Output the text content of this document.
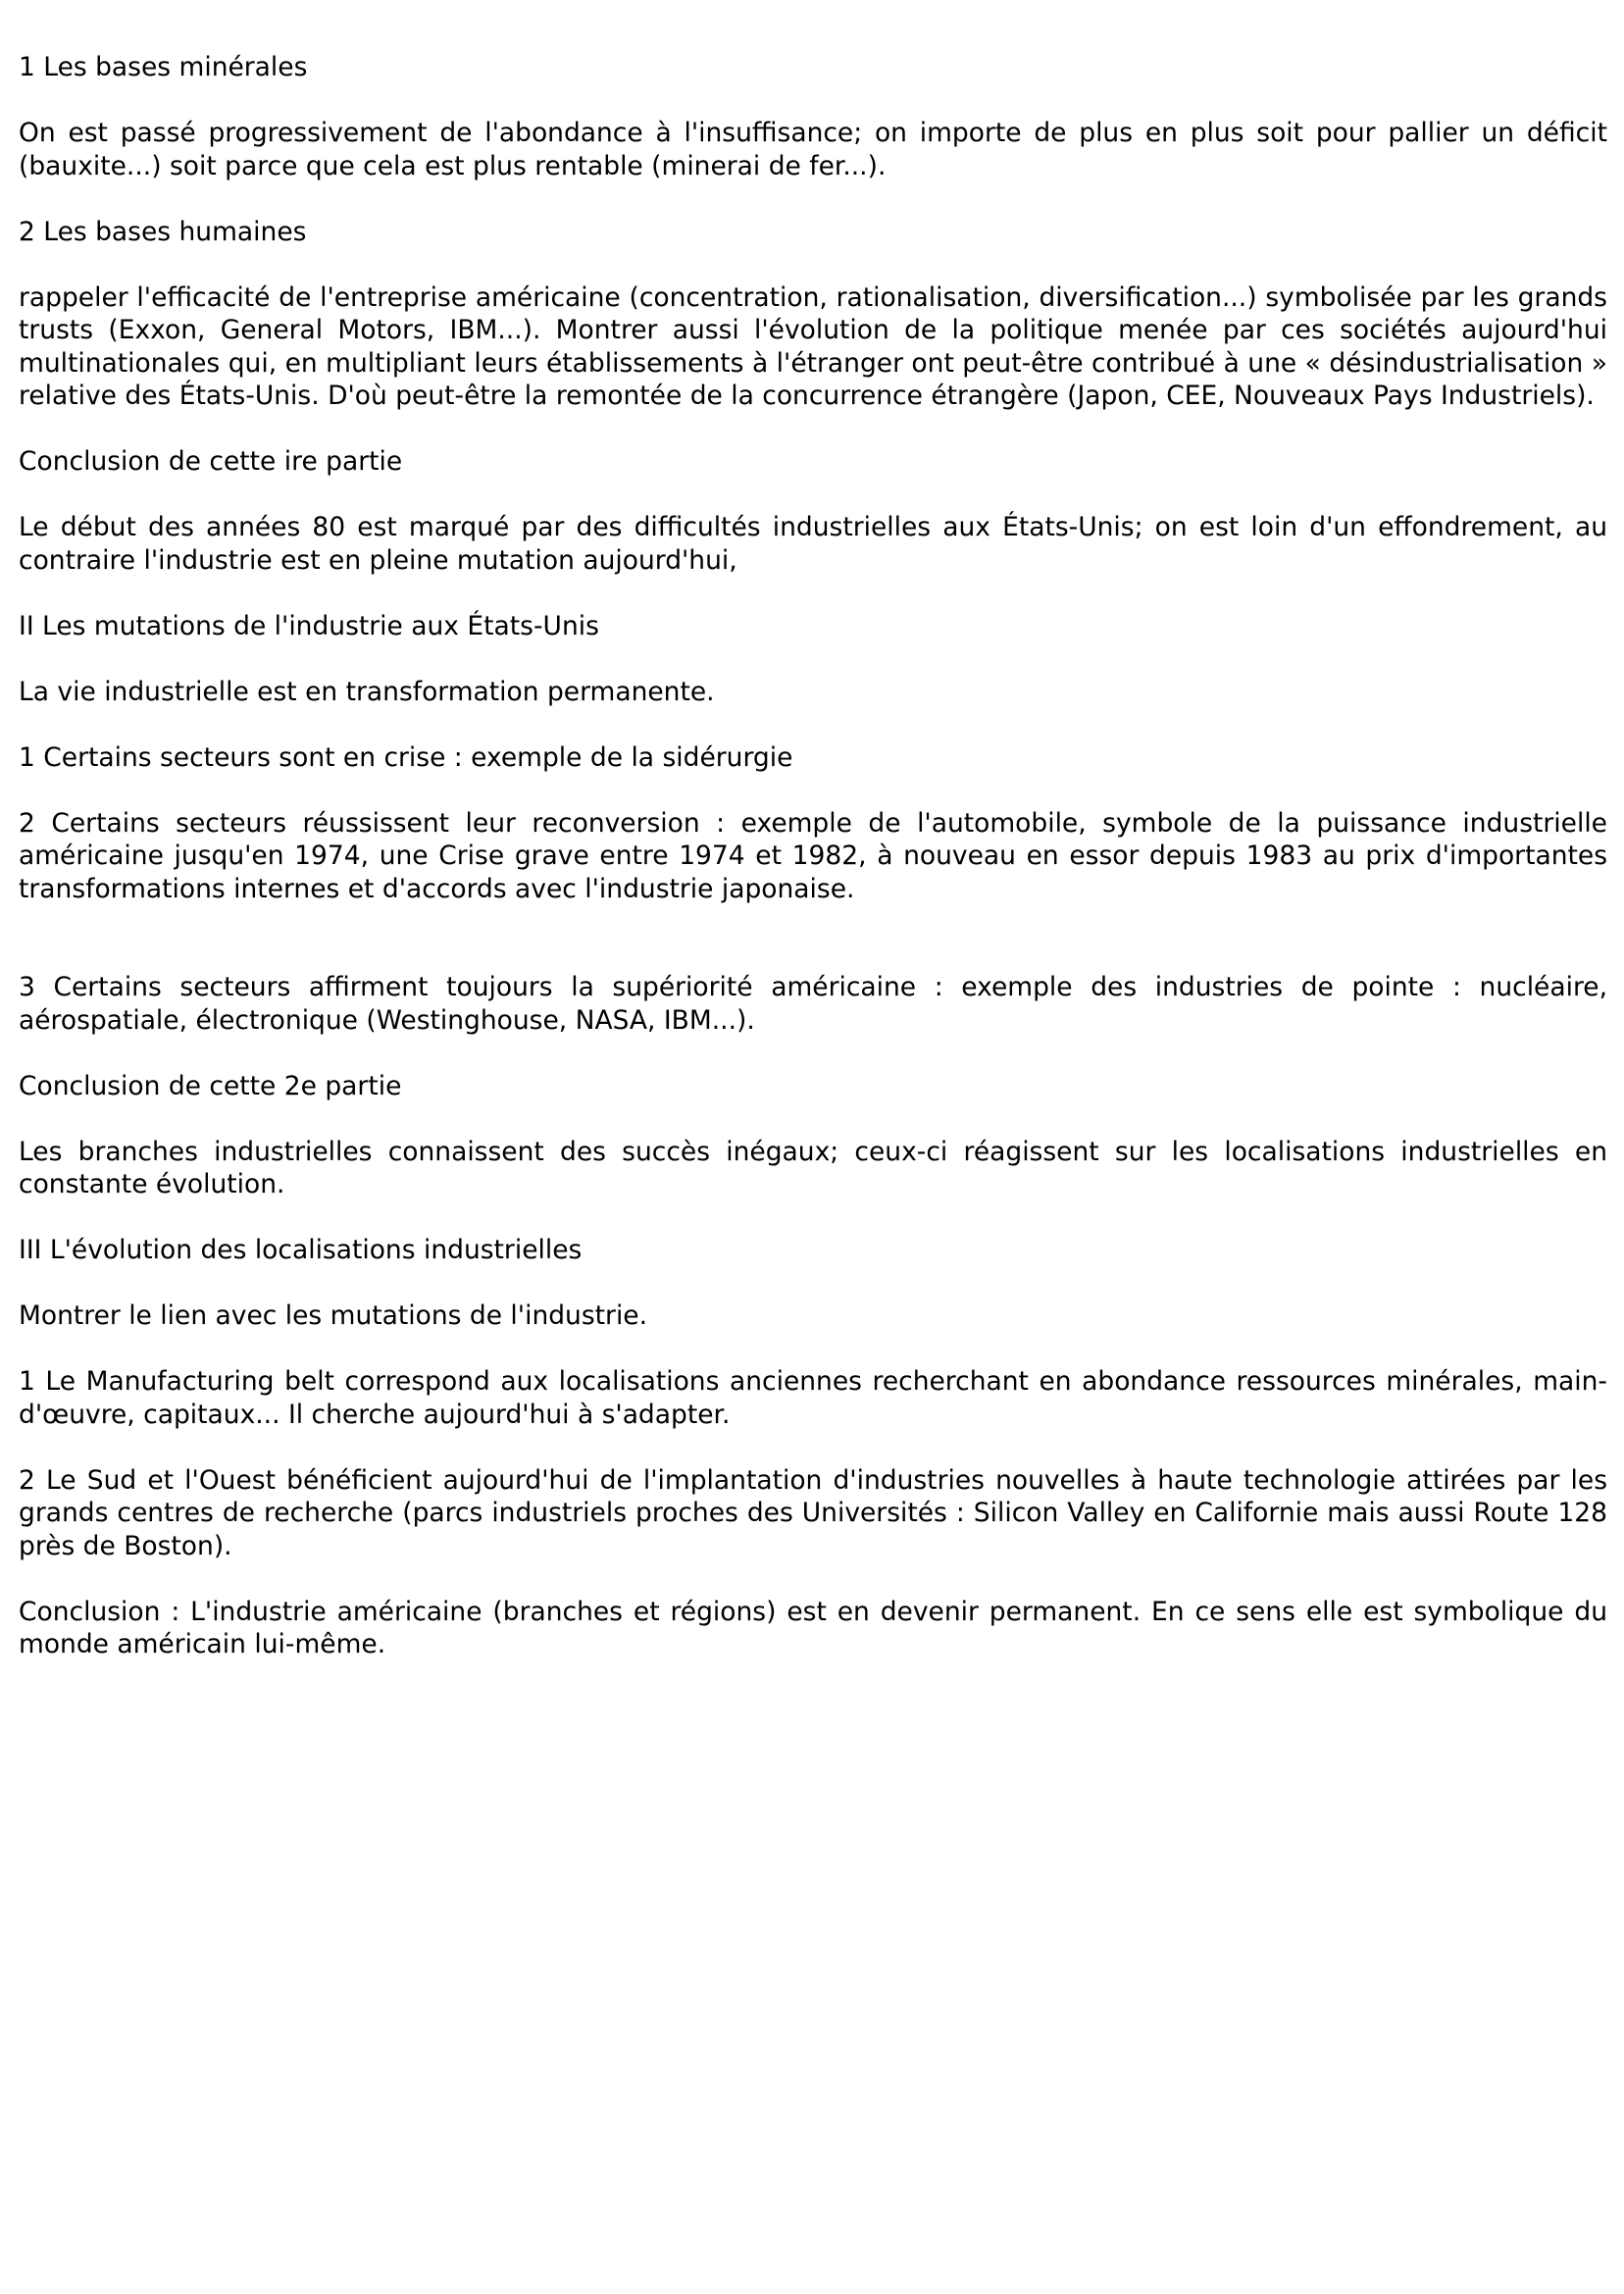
1 Les bases minérales

On est passé progressivement de l'abondance à l'insuffisance; on importe de plus en plus soit pour pallier un déficit (bauxite...) soit parce que cela est plus rentable (minerai de fer...).

2 Les bases humaines

rappeler l'efficacité de l'entreprise américaine (concentration, rationalisation, diversification...) symbolisée par les grands trusts (Exxon, General Motors, IBM...). Montrer aussi l'évolution de la politique menée par ces sociétés aujourd'hui multinationales qui, en multipliant leurs établissements à l'étranger ont peut-être contribué à une « désindustrialisation » relative des États-Unis. D'où peut-être la remontée de la concurrence étrangère (Japon, CEE, Nouveaux Pays Industriels).

Conclusion de cette ire partie

Le début des années 80 est marqué par des difficultés industrielles aux États-Unis; on est loin d'un effondrement, au contraire l'industrie est en pleine mutation aujourd'hui,

II Les mutations de l'industrie aux États-Unis

La vie industrielle est en transformation permanente.

1 Certains secteurs sont en crise : exemple de la sidérurgie

2 Certains secteurs réussissent leur reconversion : exemple de l'automobile, symbole de la puissance industrielle américaine jusqu'en 1974, une Crise grave entre 1974 et 1982, à nouveau en essor depuis 1983 au prix d'importantes transformations internes et d'accords avec l'industrie japonaise.

3 Certains secteurs affirment toujours la supériorité américaine : exemple des industries de pointe : nucléaire, aérospatiale, électronique (Westinghouse, NASA, IBM...).

Conclusion de cette 2e partie

Les branches industrielles connaissent des succès inégaux; ceux-ci réagissent sur les localisations industrielles en constante évolution.

III L'évolution des localisations industrielles

Montrer le lien avec les mutations de l'industrie.

1 Le Manufacturing belt correspond aux localisations anciennes recherchant en abondance ressources minérales, main-d'œuvre, capitaux... Il cherche aujourd'hui à s'adapter.

2 Le Sud et l'Ouest bénéficient aujourd'hui de l'implantation d'industries nouvelles à haute technologie attirées par les grands centres de recherche (parcs industriels proches des Universités : Silicon Valley en Californie mais aussi Route 128 près de Boston).

Conclusion : L'industrie américaine (branches et régions) est en devenir permanent. En ce sens elle est symbolique du monde américain lui-même.
